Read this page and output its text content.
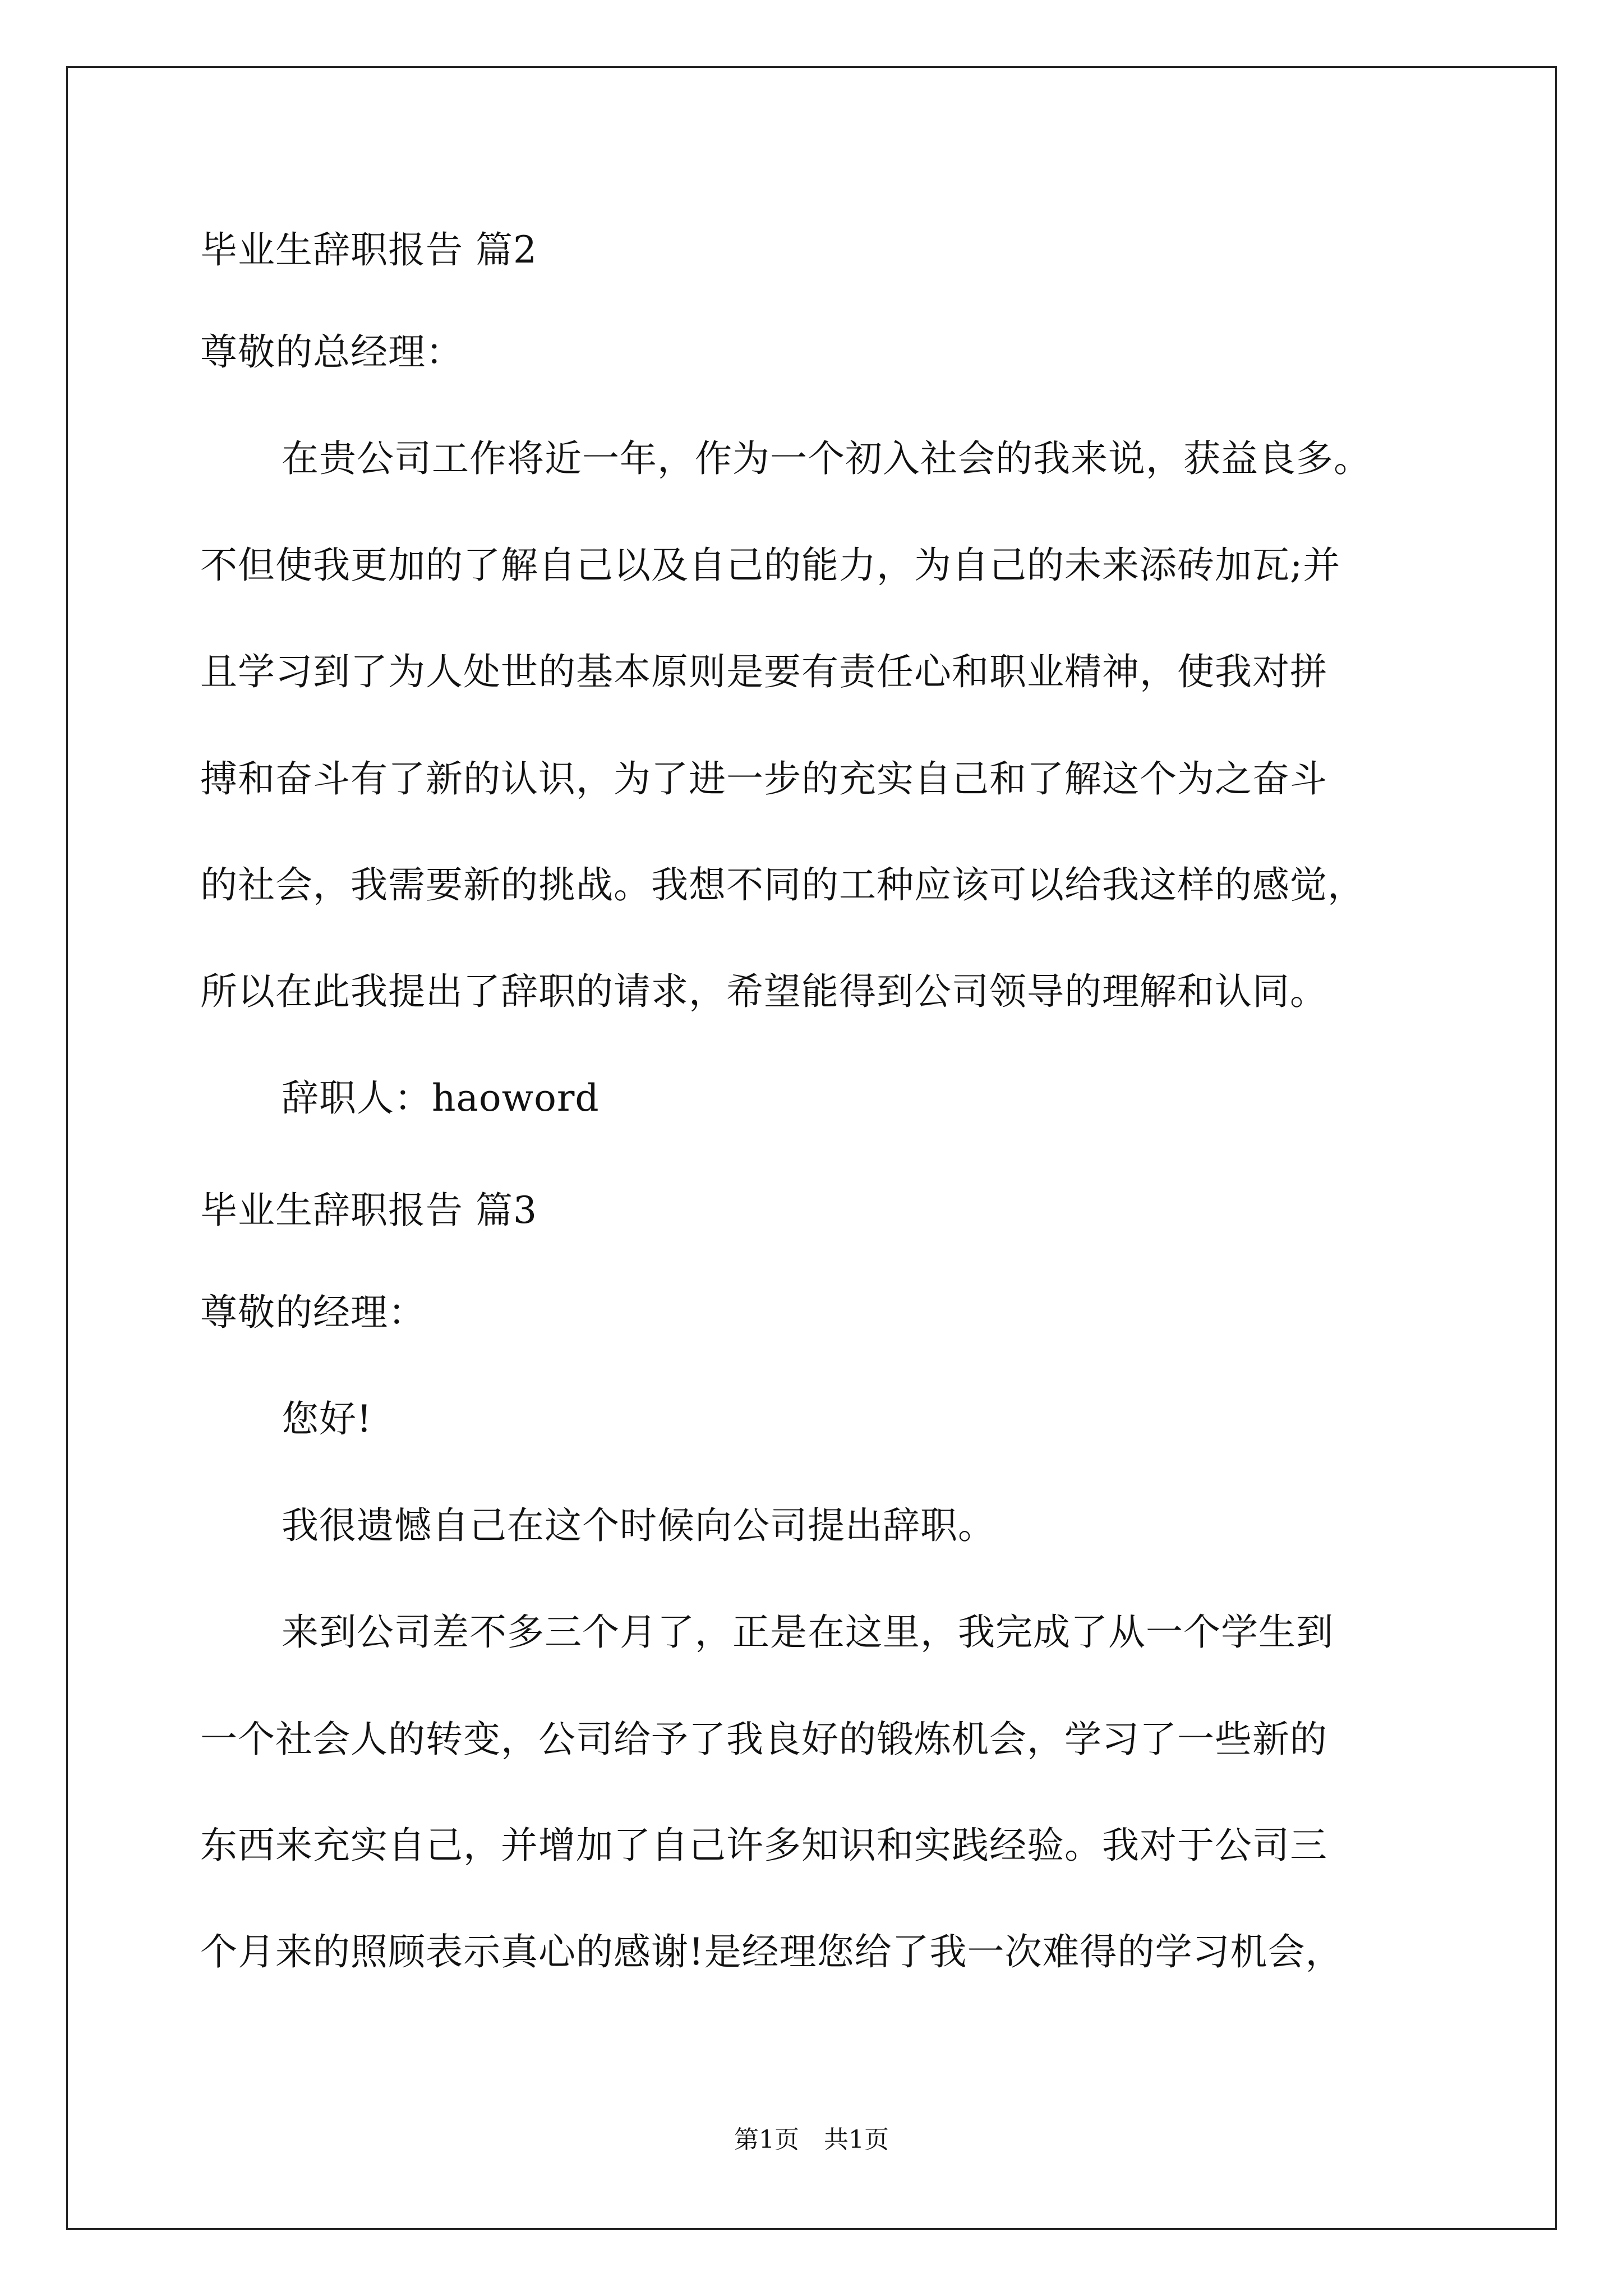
毕业生辞职报告 篇2
尊敬的总经理：
在贵公司工作将近一年，作为一个初入社会的我来说，获益良多。
不但使我更加的了解自己以及自己的能力，为自己的未来添砖加瓦;并
且学习到了为人处世的基本原则是要有责任心和职业精神，使我对拼
搏和奋斗有了新的认识，为了进一步的充实自己和了解这个为之奋斗
的社会，我需要新的挑战。我想不同的工种应该可以给我这样的感觉，
所以在此我提出了辞职的请求，希望能得到公司领导的理解和认同。
辞职人：haoword
毕业生辞职报告 篇3
尊敬的经理：
您好!
我很遗憾自己在这个时候向公司提出辞职。
来到公司差不多三个月了，正是在这里，我完成了从一个学生到
一个社会人的转变，公司给予了我良好的锻炼机会，学习了一些新的
东西来充实自己，并增加了自己许多知识和实践经验。我对于公司三
个月来的照顾表示真心的感谢!是经理您给了我一次难得的学习机会，
第1页　共1页
